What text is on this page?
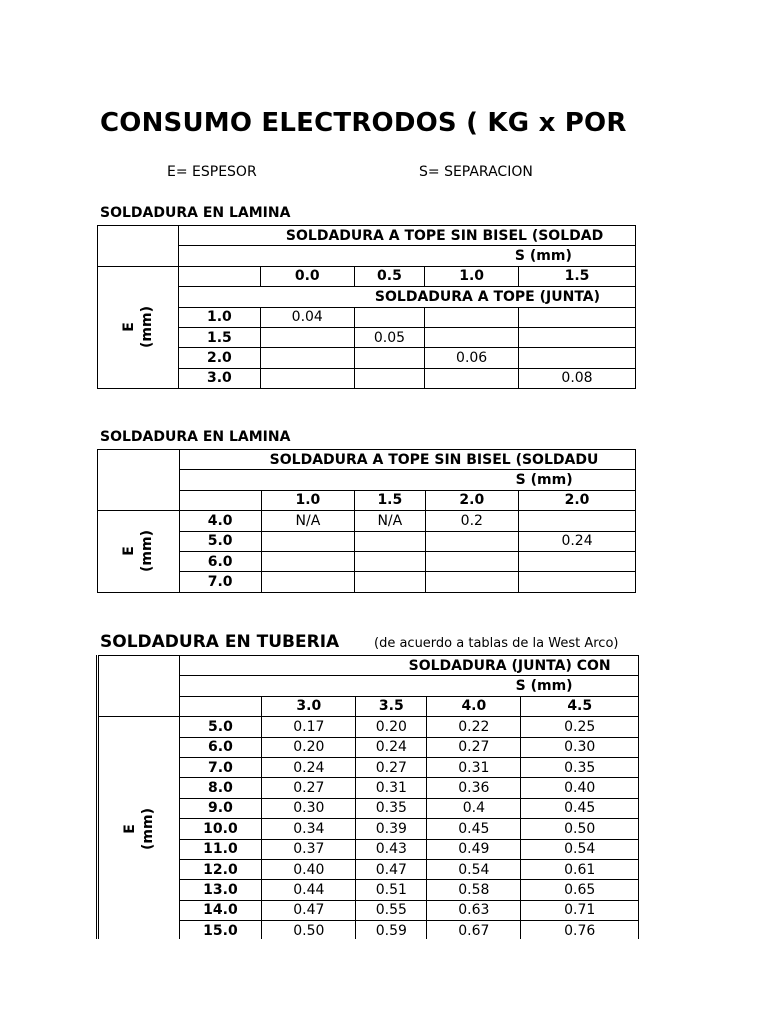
CONSUMO ELECTRODOS ( KG x POR
E= ESPESOR	S= SEPARACION
SOLDADURA EN LAMINA
	SOLDADURA A TOPE SIN BISEL (SOLDAD				
	S (mm)				

E (mm)		0.0	0.5	1.0	1.5
	SOLDADURA A TOPE (JUNTA)				
	1.0	0.04			
	1.5		0.05		
	2.0			0.06	
	3.0				0.08
SOLDADURA EN LAMINA
	SOLDADURA A TOPE SIN BISEL (SOLDADU				
	S (mm)				
		1.0	1.5	2.0	2.0

E (mm)	4.0	N/A	N/A	0.2	
	5.0				0.24
	6.0				
	7.0				
SOLDADURA EN TUBERIA	(de acuerdo a tablas de la West Arco)
	SOLDADURA (JUNTA) CON				
	S (mm)				
		3.0	3.5	4.0	4.5

E (mm)	5.0	0.17	0.20	0.22	0.25
	6.0	0.20	0.24	0.27	0.30
	7.0	0.24	0.27	0.31	0.35
	8.0	0.27	0.31	0.36	0.40
	9.0	0.30	0.35	0.4	0.45
	10.0	0.34	0.39	0.45	0.50
	11.0	0.37	0.43	0.49	0.54
	12.0	0.40	0.47	0.54	0.61
	13.0	0.44	0.51	0.58	0.65
	14.0	0.47	0.55	0.63	0.71
	15.0	0.50	0.59	0.67	0.76
